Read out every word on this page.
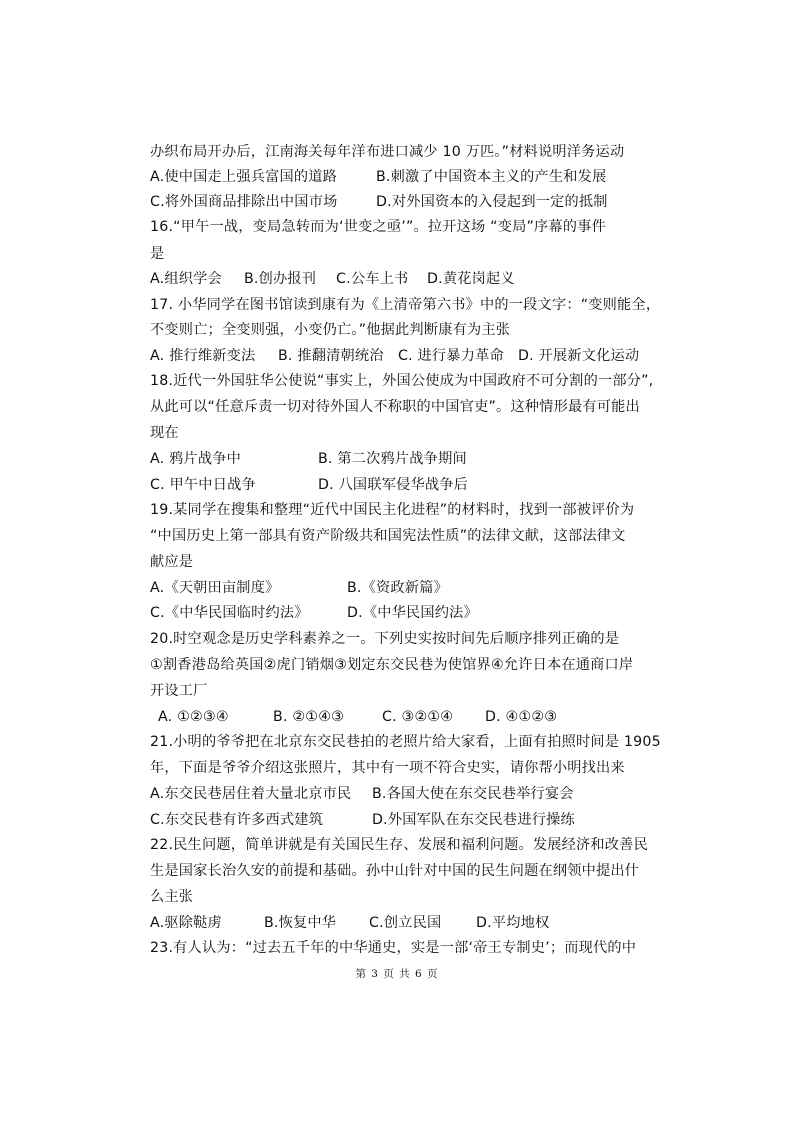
办织布局开办后，江南海关每年洋布进口减少 10 万匹。”材料说明洋务运动
A.使中国走上强兵富国的道路	B.刺激了中国资本主义的产生和发展
C.将外国商品排除出中国市场	D.对外国资本的入侵起到一定的抵制
16.“甲午一战，变局急转而为‘世变之亟’”。拉开这场 “变局”序幕的事件
是
A.组织学会 B.创办报刊 C.公车上书 D.黄花岗起义
17. 小华同学在图书馆读到康有为《上清帝第六书》中的一段文字：“变则能全，
不变则亡；全变则强，小变仍亡。”他据此判断康有为主张
A. 推行维新变法 B. 推翻清朝统治 C. 进行暴力革命 D. 开展新文化运动
18.近代一外国驻华公使说“事实上，外国公使成为中国政府不可分割的一部分”,
从此可以“任意斥责一切对待外国人不称职的中国官吏”。这种情形最有可能出
现在
A. 鸦片战争中	B. 第二次鸦片战争期间
C. 甲午中日战争	D. 八国联军侵华战争后
19.某同学在搜集和整理“近代中国民主化进程”的材料时，找到一部被评价为
“中国历史上第一部具有资产阶级共和国宪法性质”的法律文献，这部法律文
献应是
A.《天朝田亩制度》	B.《资政新篇》
C.《中华民国临时约法》	D.《中华民国约法》
20.时空观念是历史学科素养之一。下列史实按时间先后顺序排列正确的是
①割香港岛给英国②虎门销烟③划定东交民巷为使馆界④允许日本在通商口岸
开设工厂
A. ①②③④	B. ②①④③	C. ③②①④ D. ④①②③
21.小明的爷爷把在北京东交民巷拍的老照片给大家看，上面有拍照时间是 1905
年，下面是爷爷介绍这张照片，其中有一项不符合史实，请你帮小明找出来
A.东交民巷居住着大量北京市民 B.各国大使在东交民巷举行宴会
C.东交民巷有许多西式建筑	D.外国军队在东交民巷进行操练
22.民生问题，简单讲就是有关国民生存、发展和福利问题。发展经济和改善民
生是国家长治久安的前提和基础。孙中山针对中国的民生问题在纲领中提出什
么主张
A.驱除鞑虏	B.恢复中华 C.创立民国 D.平均地权
23.有人认为：“过去五千年的中华通史，实是一部‘帝王专制史’；而现代的中
第 3 页 共 6 页
